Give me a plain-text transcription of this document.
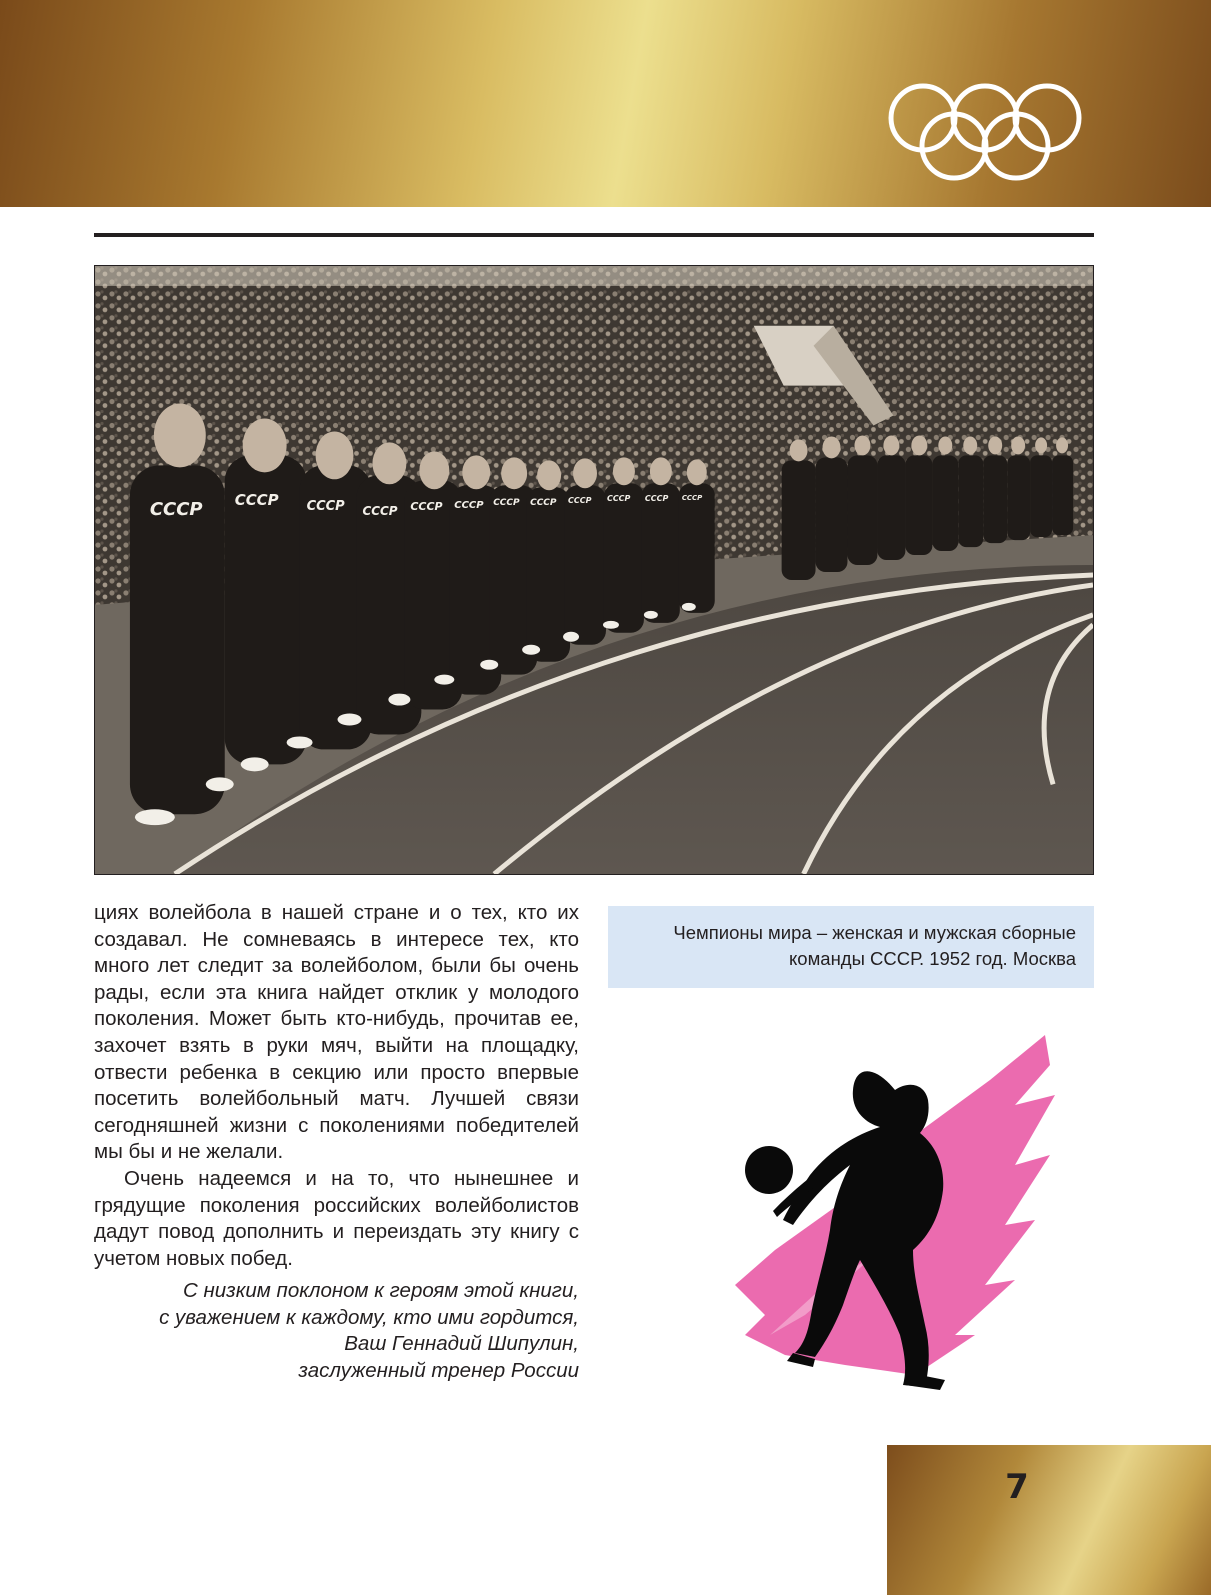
СССР СССР СССР СССР СССР СССР СССР СССР СССР СССР СССР СССР

циях волейбола в нашей стране и о тех, кто их создавал. Не сомневаясь в интересе тех, кто много лет следит за волейболом, были бы очень рады, если эта книга найдет отклик у молодого поколения. Может быть кто-нибудь, прочитав ее, захочет взять в руки мяч, выйти на площадку, отвести ребенка в секцию или просто впервые посетить волейбольный матч. Лучшей связи сегодняшней жизни с поколениями победителей мы бы и не желали.

Очень надеемся и на то, что нынешнее и грядущие поколения российских волейболистов дадут повод дополнить и переиздать эту книгу с учетом новых побед.

С низким поклоном к героям этой книги,
с уважением к каждому, кто ими гордится,
Ваш Геннадий Шипулин,
заслуженный тренер России
Чемпионы мира – женская и мужская сборные
команды СССР. 1952 год. Москва
7
